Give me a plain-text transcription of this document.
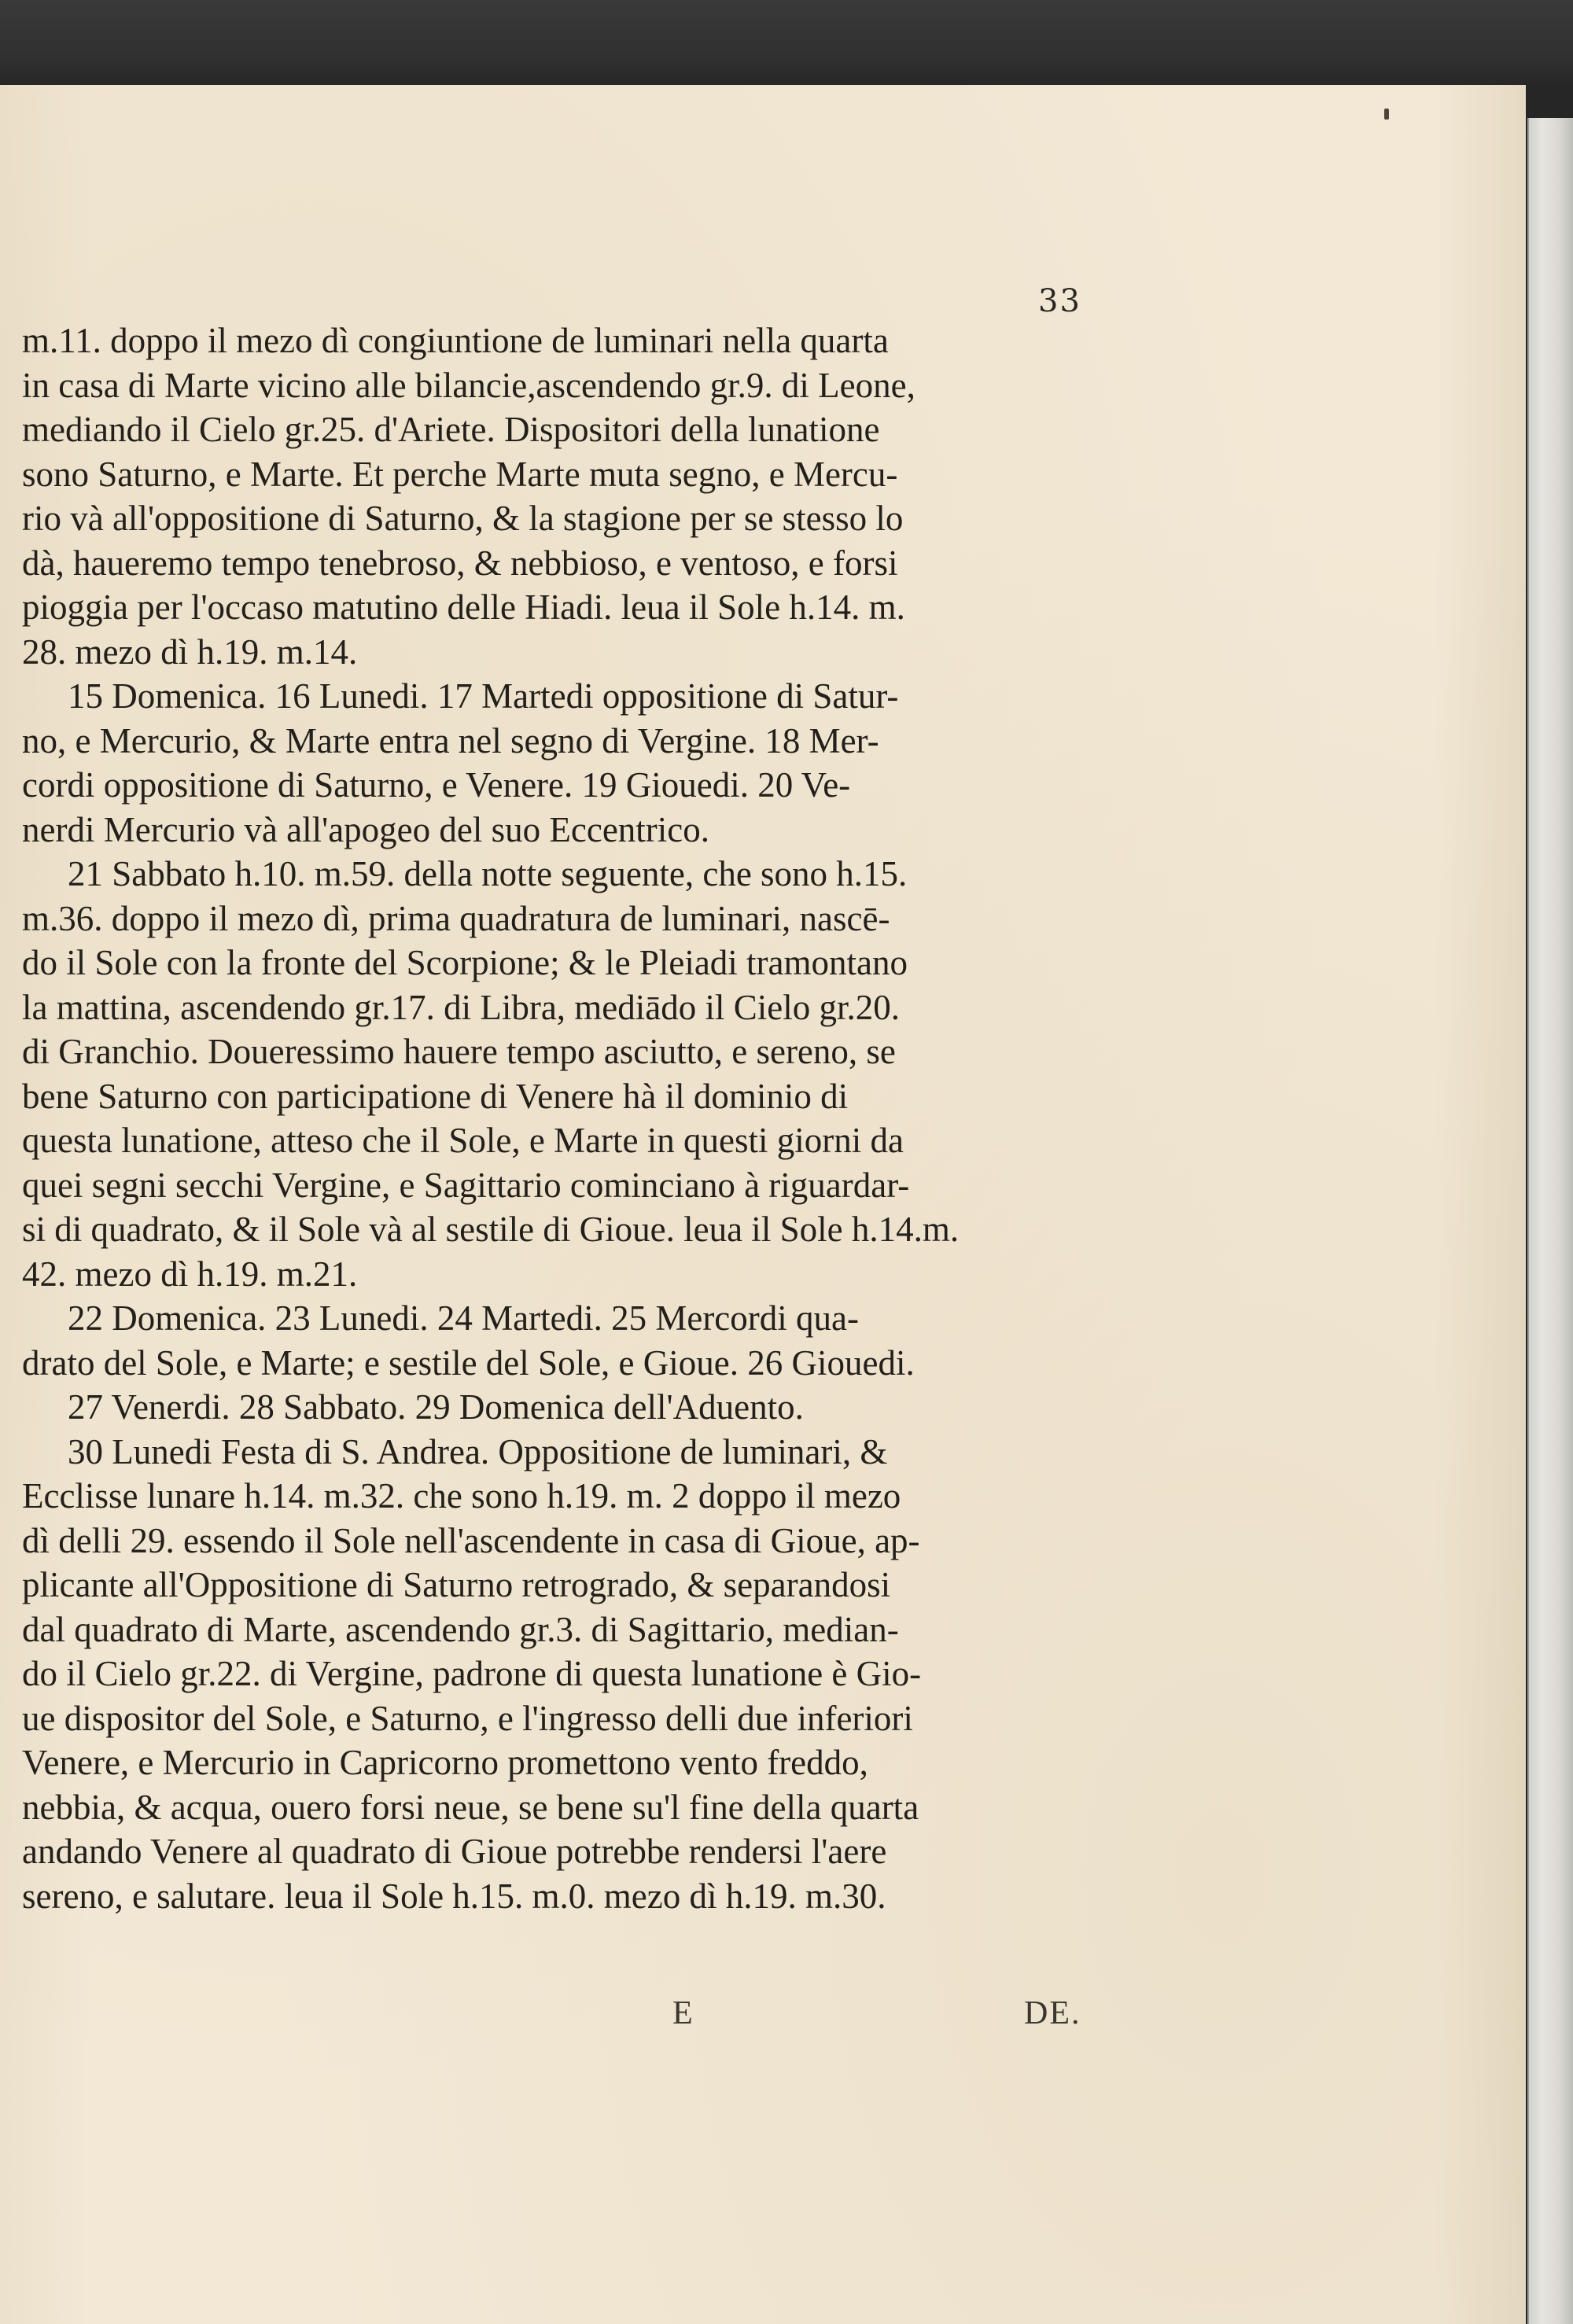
33
m.11. doppo il mezo dì congiuntione de luminari nella quarta
in casa di Marte vicino alle bilancie,ascendendo gr.9. di Leone,
mediando il Cielo gr.25. d'Ariete. Dispositori della lunatione
sono Saturno, e Marte. Et perche Marte muta segno, e Mercu-
rio và all'oppositione di Saturno, & la stagione per se stesso lo
dà, haueremo tempo tenebroso, & nebbioso, e ventoso, e forsi
pioggia per l'occaso matutino delle Hiadi. leua il Sole h.14. m.
28. mezo dì h.19. m.14.
15 Domenica. 16 Lunedi. 17 Martedi oppositione di Satur-
no, e Mercurio, & Marte entra nel segno di Vergine. 18 Mer-
cordi oppositione di Saturno, e Venere. 19 Giouedi. 20 Ve-
nerdi Mercurio và all'apogeo del suo Eccentrico.
21 Sabbato h.10. m.59. della notte seguente, che sono h.15.
m.36. doppo il mezo dì, prima quadratura de luminari, nascē-
do il Sole con la fronte del Scorpione; & le Pleiadi tramontano
la mattina, ascendendo gr.17. di Libra, mediādo il Cielo gr.20.
di Granchio. Doueressimo hauere tempo asciutto, e sereno, se
bene Saturno con participatione di Venere hà il dominio di
questa lunatione, atteso che il Sole, e Marte in questi giorni da
quei segni secchi Vergine, e Sagittario cominciano à riguardar-
si di quadrato, & il Sole và al sestile di Gioue. leua il Sole h.14.m.
42. mezo dì h.19. m.21.
22 Domenica. 23 Lunedi. 24 Martedi. 25 Mercordi qua-
drato del Sole, e Marte; e sestile del Sole, e Gioue. 26 Giouedi.
27 Venerdi. 28 Sabbato. 29 Domenica dell'Aduento.
30 Lunedi Festa di S. Andrea. Oppositione de luminari, &
Ecclisse lunare h.14. m.32. che sono h.19. m. 2 doppo il mezo
dì delli 29. essendo il Sole nell'ascendente in casa di Gioue, ap-
plicante all'Oppositione di Saturno retrogrado, & separandosi
dal quadrato di Marte, ascendendo gr.3. di Sagittario, median-
do il Cielo gr.22. di Vergine, padrone di questa lunatione è Gio-
ue dispositor del Sole, e Saturno, e l'ingresso delli due inferiori
Venere, e Mercurio in Capricorno promettono vento freddo,
nebbia, & acqua, ouero forsi neue, se bene su'l fine della quarta
andando Venere al quadrato di Gioue potrebbe rendersi l'aere
sereno, e salutare. leua il Sole h.15. m.0. mezo dì h.19. m.30.
E	DE.
